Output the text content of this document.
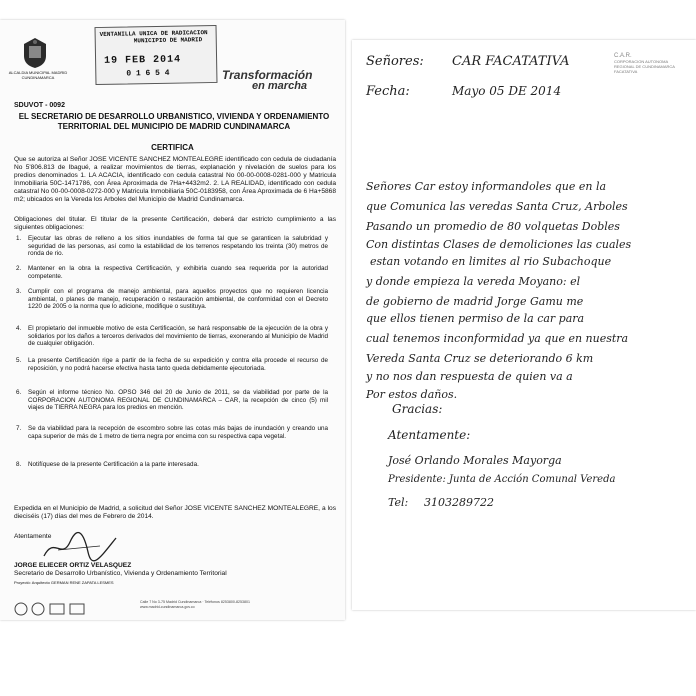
ALCALDIA MUNICIPAL MADRID CUNDINAMARCA
VENTANILLA UNICA DE RADICACION
MUNICIPIO DE MADRID
19 FEB 2014
0 1 6 5 4	Transformación
en marcha
SDUVOT - 0092
EL SECRETARIO DE DESARROLLO URBANISTICO, VIVIENDA Y ORDENAMIENTO
TERRITORIAL DEL MUNICIPIO DE MADRID CUNDINAMARCA
CERTIFICA
Que se autoriza al Señor JOSE VICENTE SANCHEZ MONTEALEGRE identificado con cedula de ciudadanía No 5'806.813 de Ibagué, a realizar movimientos de tierras, explanación y nivelación de suelos para los predios denominados 1. LA ACACIA, identificado con cedula catastral No 00-00-0008-0281-000 y Matricula Inmobiliaria 50C-1471786, con Área Aproximada de 7Ha+4432m2. 2. LA REALIDAD, identificado con cedula catastral No 00-00-0008-0272-000 y Matricula Inmobiliaria 50C-0183958, con Área Aproximada de 6 Ha+5868 m2; ubicados en la Vereda los Arboles del Municipio de Madrid Cundinamarca.
Obligaciones del titular. El titular de la presente Certificación, deberá dar estricto cumplimiento a las siguientes obligaciones:
1.	Ejecutar las obras de relleno a los sitios inundables de forma tal que se garanticen la salubridad y seguridad de las personas, así como la estabilidad de los terrenos respetando los treinta (30) metros de ronda de rio.
2.	Mantener en la obra la respectiva Certificación, y exhibirla cuando sea requerida por la autoridad competente.
3.	Cumplir con el programa de manejo ambiental, para aquellos proyectos que no requieren licencia ambiental, o planes de manejo, recuperación o restauración ambiental, de conformidad con el Decreto 1220 de 2005 o la norma que lo adicione, modifique o sustituya.
4.	El propietario del inmueble motivo de esta Certificación, se hará responsable de la ejecución de la obra y solidarios por los daños a terceros derivados del movimiento de tierras, exonerando al Municipio de Madrid de cualquier obligación.
5.	La presente Certificación rige a partir de la fecha de su expedición y contra ella procede el recurso de reposición, y no podrá hacerse efectiva hasta tanto queda debidamente ejecutoriada.
6.	Según el informe técnico No. OPSO 346 del 20 de Junio de 2011, se da viabilidad por parte de la CORPORACION AUTONOMA REGIONAL DE CUNDINAMARCA – CAR, la recepción de cinco (5) mil viajes de TIERRA NEGRA para los predios en mención.
7.	Se da viabilidad para la recepción de escombro sobre las cotas más bajas de inundación y creando una capa superior de más de 1 metro de tierra negra por encima con su respectiva capa vegetal.
8.	Notifíquese de la presente Certificación a la parte interesada.
Expedida en el Municipio de Madrid, a solicitud del Señor JOSE VICENTE SANCHEZ MONTEALEGRE, a los dieciséis (17) días del mes de Febrero de 2014.
Atentamente
JORGE ELIECER ORTIZ VELASQUEZ
Secretario de Desarrollo Urbanístico, Vivienda y Ordenamiento Territorial
Proyectó: Arquitecto GERMAN RENE ZAPATA LESMES
Calle 7 No 3-75 Madrid Cundinamarca · Teléfonos 8253800-8253801
www.madrid-cundinamarca.gov.co
Señores: CAR FACATATIVA	C.A.R.
CORPORACION AUTONOMA
REGIONAL DE CUNDINAMARCA
FACATATIVA
Fecha:	Mayo 05 DE 2014
Señores Car estoy informandoles que en la
que Comunica las veredas Santa Cruz, Arboles
Pasando un promedio de 80 volquetas Dobles
Con distintas Clases de demoliciones las cuales
estan votando en limites al rio Subachoque
y donde empieza la vereda Moyano: el
de gobierno de madrid Jorge Gamu me
que ellos tienen permiso de la car para
cual tenemos inconformidad ya que en nuestra
Vereda Santa Cruz se deteriorando 6 km
y no nos dan respuesta de quien va a
Por estos daños.
Gracias:
Atentamente:
José Orlando Morales Mayorga
Presidente: Junta de Acción Comunal Vereda
Tel: 3103289722
